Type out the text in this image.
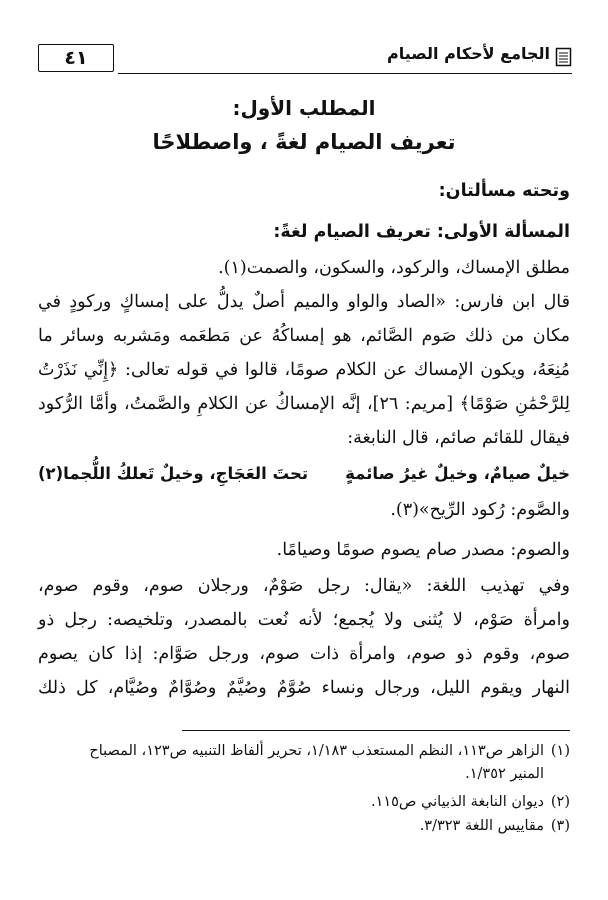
الجامع لأحكام الصيام
٤١
المطلب الأول:
تعريف الصيام لغةً ، واصطلاحًا
وتحته مسألتان:
المسألة الأولى: تعريف الصيام لغةً:
مطلق الإمساك، والركود، والسكون، والصمت(١).
قال ابن فارس: «الصاد والواو والميم أصلٌ يدلُّ على إمساكٍ وركودٍ في
مكان من ذلك صَوم الصَّائم، هو إمساكُهُ عن مَطعَمه ومَشربه وسائر ما
مُنِعَهُ، ويكون الإمساك عن الكلام صومًا، قالوا في قوله تعالى: ﴿إِنِّي نَذَرْتُ
لِلرَّحْمَٰنِ صَوْمًا﴾ [مريم: ٢٦]، إنَّه الإمساكُ عن الكلامِ والصَّمتُ، وأمَّا الرُّكود
فيقال للقائم صائم، قال النابغة:
خيلٌ صيامٌ، وخيلٌ غيرُ صائمةٍ
تحتَ العَجَاجِ، وخيلٌ تَعلكُ اللُّجما(٢)
والصَّوم: رُكود الرِّيح»(٣).
والصوم: مصدر صام يصوم صومًا وصيامًا.
وفي تهذيب اللغة: «يقال: رجل صَوْمٌ، ورجلان صوم، وقوم صوم،
وامرأة صَوْم، لا يُثنى ولا يُجمع؛ لأنه نُعت بالمصدر، وتلخيصه: رجل ذو
صوم، وقوم ذو صوم، وامرأة ذات صوم، ورجل صَوَّام: إذا كان يصوم
النهار ويقوم الليل، ورجال ونساء صُوَّمٌ وصُيَّمٌ وصُوَّامٌ وصُيَّام، كل ذلك
(١)الزاهر ص١١٣، النظم المستعذب ١/١٨٣، تحرير ألفاظ التنبيه ص١٢٣، المصباح
المنير ١/٣٥٢.
(٢)ديوان النابغة الذبياني ص١١٥.
(٣)مقاييس اللغة ٣/٣٢٣.
